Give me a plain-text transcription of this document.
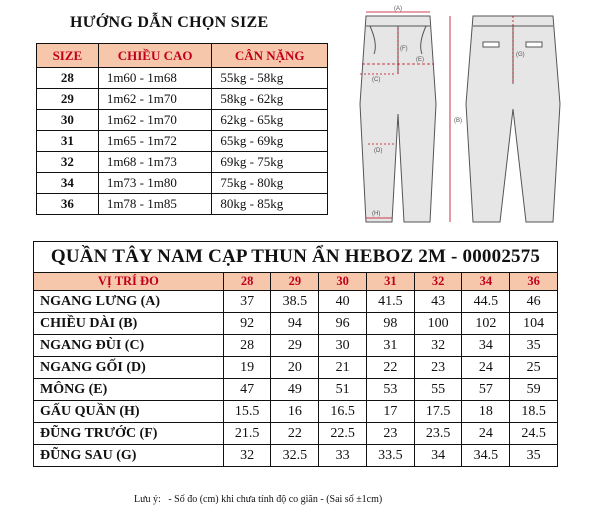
HƯỚNG DẪN CHỌN SIZE
SIZE	CHIỀU CAO	CÂN NẶNG
28	1m60 - 1m68	55kg - 58kg
29	1m62 - 1m70	58kg - 62kg
30	1m62 - 1m70	62kg - 65kg
31	1m65 - 1m72	65kg - 69kg
32	1m68 - 1m73	69kg - 75kg
34	1m73 - 1m80	75kg - 80kg
36	1m78 - 1m85	80kg - 85kg
(A)
(B)
(C)
(D)
(E)
(F)
(G)
(H)
QUẦN TÂY NAM CẠP THUN ẨN HEBOZ 2M - 00002575							
VỊ TRÍ ĐO	28	29	30	31	32	34	36
NGANG LƯNG (A)	37	38.5	40	41.5	43	44.5	46
CHIỀU DÀI (B)	92	94	96	98	100	102	104
NGANG ĐÙI (C)	28	29	30	31	32	34	35
NGANG GỐI (D)	19	20	21	22	23	24	25
MÔNG (E)	47	49	51	53	55	57	59
GẤU QUẦN (H)	15.5	16	16.5	17	17.5	18	18.5
ĐŨNG TRƯỚC (F)	21.5	22	22.5	23	23.5	24	24.5
ĐŨNG SAU (G)	32	32.5	33	33.5	34	34.5	35
Lưu ý: - Số đo (cm) khi chưa tính độ co giãn - (Sai số ±1cm)
